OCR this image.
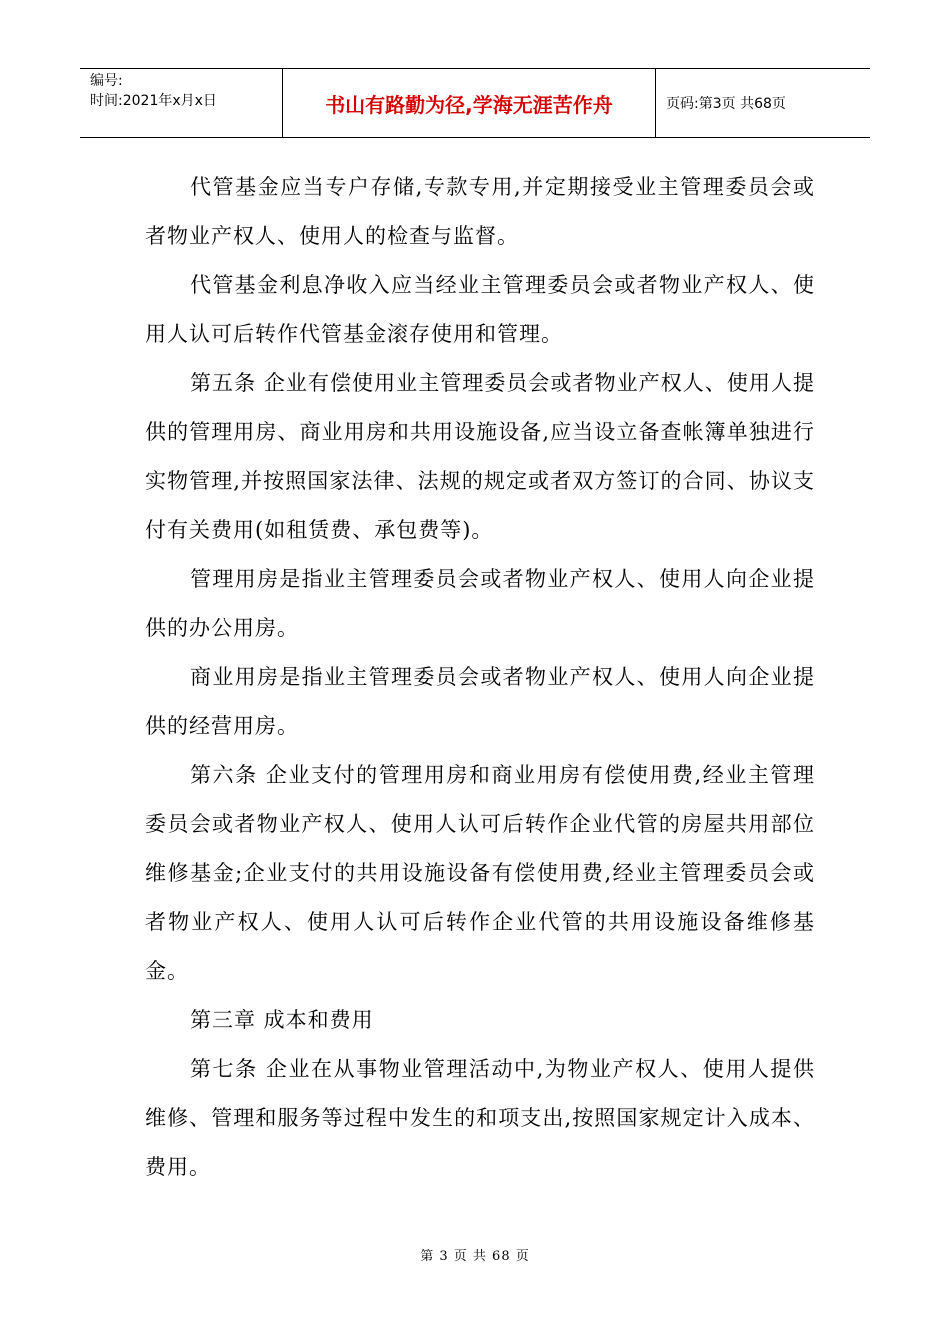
编号:
时间:2021年x月x日	书山有路勤为径,学海无涯苦作舟	页码:第3页 共68页

代管基金应当专户存储,专款专用,并定期接受业主管理委员会或者物业产权人、使用人的检查与监督。

代管基金利息净收入应当经业主管理委员会或者物业产权人、使用人认可后转作代管基金滚存使用和管理。

第五条 企业有偿使用业主管理委员会或者物业产权人、使用人提供的管理用房、商业用房和共用设施设备,应当设立备查帐簿单独进行实物管理,并按照国家法律、法规的规定或者双方签订的合同、协议支付有关费用(如租赁费、承包费等)。

管理用房是指业主管理委员会或者物业产权人、使用人向企业提供的办公用房。

商业用房是指业主管理委员会或者物业产权人、使用人向企业提供的经营用房。

第六条 企业支付的管理用房和商业用房有偿使用费,经业主管理委员会或者物业产权人、使用人认可后转作企业代管的房屋共用部位维修基金;企业支付的共用设施设备有偿使用费,经业主管理委员会或者物业产权人、使用人认可后转作企业代管的共用设施设备维修基金。

第三章 成本和费用

第七条 企业在从事物业管理活动中,为物业产权人、使用人提供维修、管理和服务等过程中发生的和项支出,按照国家规定计入成本、费用。

第 3 页 共 68 页
